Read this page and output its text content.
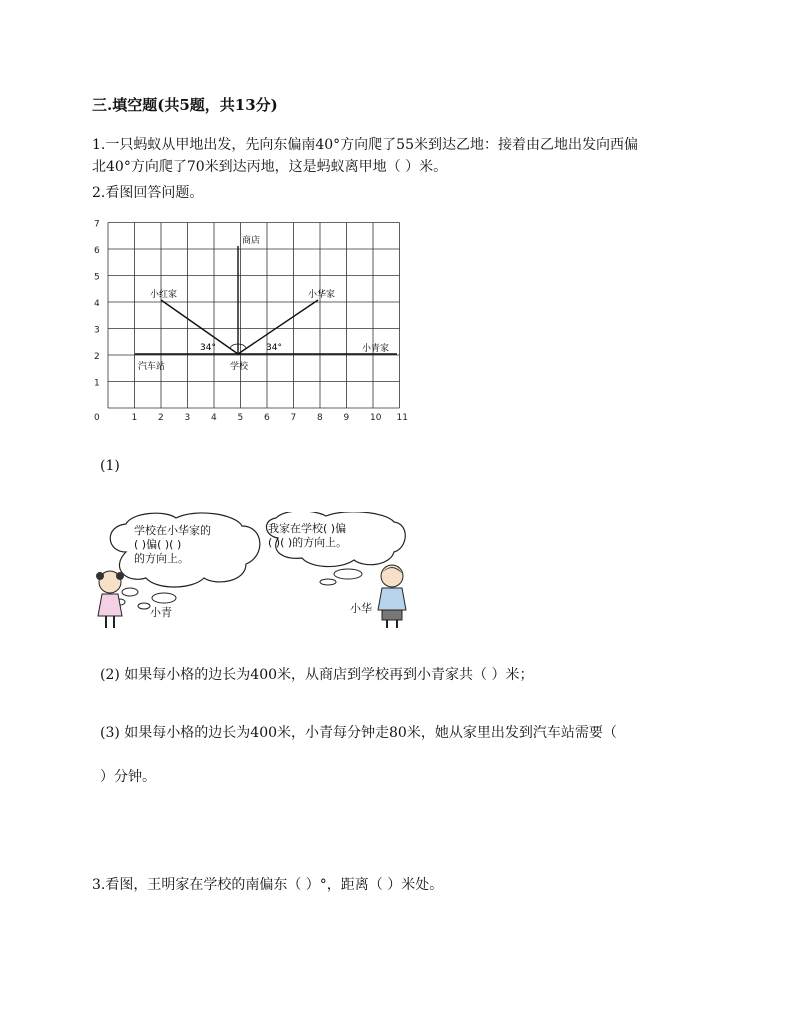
三.填空题(共5题，共13分)
1.一只蚂蚁从甲地出发，先向东偏南40°方向爬了55米到达乙地：接着由乙地出发向西偏
北40°方向爬了70米到达丙地，这是蚂蚁离甲地（ ）米。
2.看图回答问题。
0	1 2 3 4 5 6 7 8 9 10 11
1
2
3
4
5
6
7
商店
小红家	小华家
汽车站	学校
小青家
34°	34°
(1)
学校在小华家的
( )偏( )( )
的方向上。
我家在学校( )偏
( )( )的方向上。
小青	小华
(2) 如果每小格的边长为400米，从商店到学校再到小青家共（ ）米；
(3) 如果每小格的边长为400米，小青每分钟走80米，她从家里出发到汽车站需要（
）分钟。
3.看图，王明家在学校的南偏东（ ）°，距离（ ）米处。
